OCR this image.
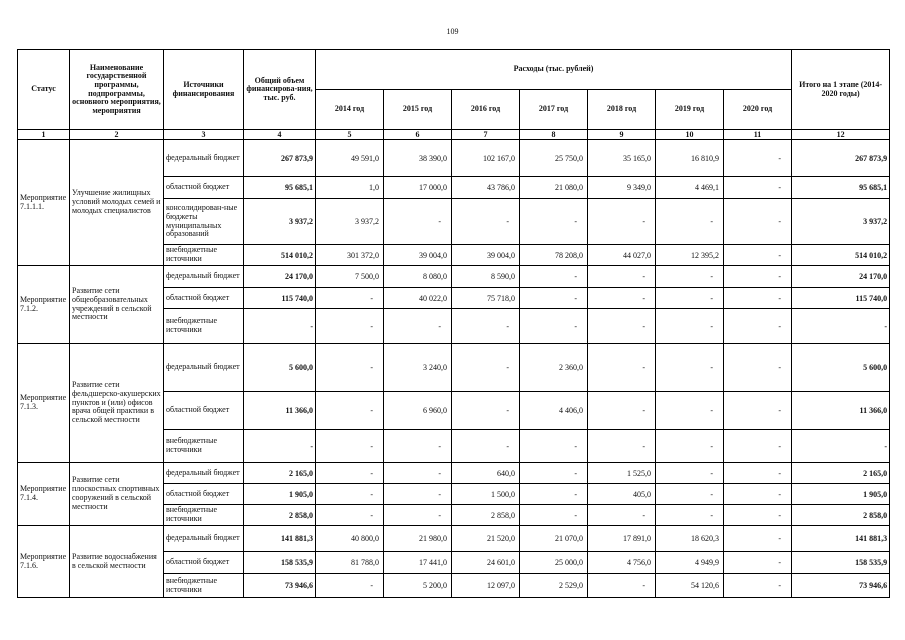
109
Статус	Наименование государственной программы, подпрограммы, основного мероприятия, мероприятия	Источники финансирования	Общий объем финансирова-ния, тыс. руб.	Расходы (тыс. рублей)							Итого на 1 этапе (2014-2020 годы)
				2014 год	2015 год	2016 год	2017 год	2018 год	2019 год	2020 год	
1	2	3	4	5	6	7	8	9	10	11	12
Мероприятие 7.1.1.1.	Улучшение жилищных условий молодых семей и молодых специалистов	федеральный бюджет	267 873,9	49 591,0	38 390,0	102 167,0	25 750,0	35 165,0	16 810,9	-	267 873,9
		областной бюджет	95 685,1	1,0	17 000,0	43 786,0	21 080,0	9 349,0	4 469,1	-	95 685,1
		консолидирован-ные бюджеты муниципальных образований	3 937,2	3 937,2	-	-	-	-	-	-	3 937,2
		внебюджетные источники	514 010,2	301 372,0	39 004,0	39 004,0	78 208,0	44 027,0	12 395,2	-	514 010,2
Мероприятие 7.1.2.	Развитие сети общеобразовательных учреждений в сельской местности	федеральный бюджет	24 170,0	7 500,0	8 080,0	8 590,0	-	-	-	-	24 170,0
		областной бюджет	115 740,0	-	40 022,0	75 718,0	-	-	-	-	115 740,0
		внебюджетные источники	-	-	-	-	-	-	-	-	-
Мероприятие 7.1.3.	Развитие сети фельдшерско-акушерских пунктов и (или) офисов врача общей практики в сельской местности	федеральный бюджет	5 600,0	-	3 240,0	-	2 360,0	-	-	-	5 600,0
		областной бюджет	11 366,0	-	6 960,0	-	4 406,0	-	-	-	11 366,0
		внебюджетные источники	-	-	-	-	-	-	-	-	-
Мероприятие 7.1.4.	Развитие сети плоскостных спортивных сооружений в сельской местности	федеральный бюджет	2 165,0	-	-	640,0	-	1 525,0	-	-	2 165,0
		областной бюджет	1 905,0	-	-	1 500,0	-	405,0	-	-	1 905,0
		внебюджетные источники	2 858,0	-	-	2 858,0	-	-	-	-	2 858,0
Мероприятие 7.1.6.	Развитие водоснабжения в сельской местности	федеральный бюджет	141 881,3	40 800,0	21 980,0	21 520,0	21 070,0	17 891,0	18 620,3	-	141 881,3
		областной бюджет	158 535,9	81 788,0	17 441,0	24 601,0	25 000,0	4 756,0	4 949,9	-	158 535,9
		внебюджетные источники	73 946,6	-	5 200,0	12 097,0	2 529,0	-	54 120,6	-	73 946,6
